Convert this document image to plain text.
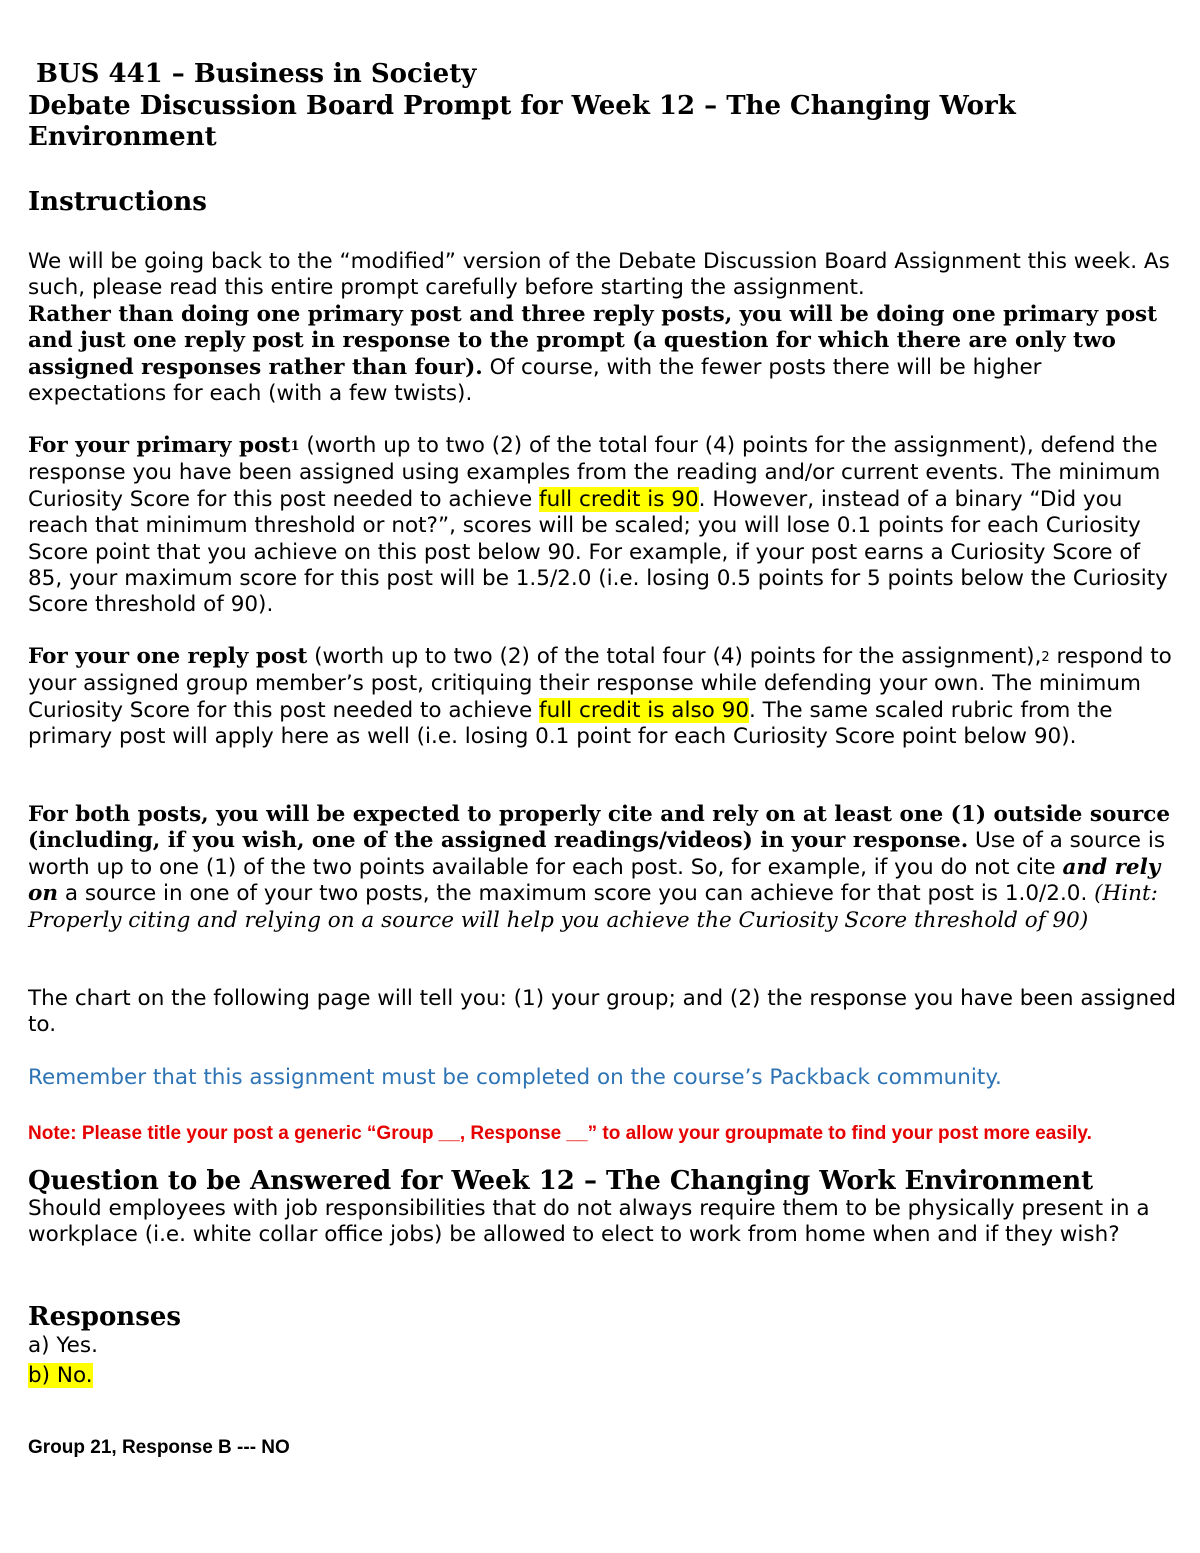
BUS 441 – Business in Society
Debate Discussion Board Prompt for Week 12 – The Changing Work
Environment
Instructions
We will be going back to the “modified” version of the Debate Discussion Board Assignment this week. As such, please read this entire prompt carefully before starting the assignment.
Rather than doing one primary post and three reply posts, you will be doing one primary post and just one reply post in response to the prompt (a question for which there are only two assigned responses rather than four). Of course, with the fewer posts there will be higher expectations for each (with a few twists).
For your primary post1 (worth up to two (2) of the total four (4) points for the assignment), defend the response you have been assigned using examples from the reading and/or current events. The minimum Curiosity Score for this post needed to achieve full credit is 90. However, instead of a binary “Did you reach that minimum threshold or not?”, scores will be scaled; you will lose 0.1 points for each Curiosity Score point that you achieve on this post below 90. For example, if your post earns a Curiosity Score of 85, your maximum score for this post will be 1.5/2.0 (i.e. losing 0.5 points for 5 points below the Curiosity Score threshold of 90).
For your one reply post (worth up to two (2) of the total four (4) points for the assignment),2 respond to your assigned group member’s post, critiquing their response while defending your own. The minimum Curiosity Score for this post needed to achieve full credit is also 90. The same scaled rubric from the primary post will apply here as well (i.e. losing 0.1 point for each Curiosity Score point below 90).
For both posts, you will be expected to properly cite and rely on at least one (1) outside source (including, if you wish, one of the assigned readings/videos) in your response. Use of a source is worth up to one (1) of the two points available for each post. So, for example, if you do not cite and rely on a source in one of your two posts, the maximum score you can achieve for that post is 1.0/2.0. (Hint: Properly citing and relying on a source will help you achieve the Curiosity Score threshold of 90)
The chart on the following page will tell you: (1) your group; and (2) the response you have been assigned to.
Remember that this assignment must be completed on the course’s Packback community.
Note: Please title your post a generic “Group __, Response __” to allow your groupmate to find your post more easily.
Question to be Answered for Week 12 – The Changing Work Environment
Should employees with job responsibilities that do not always require them to be physically present in a workplace (i.e. white collar office jobs) be allowed to elect to work from home when and if they wish?
Responses
a) Yes.
b) No.
Group 21, Response B --- NO
